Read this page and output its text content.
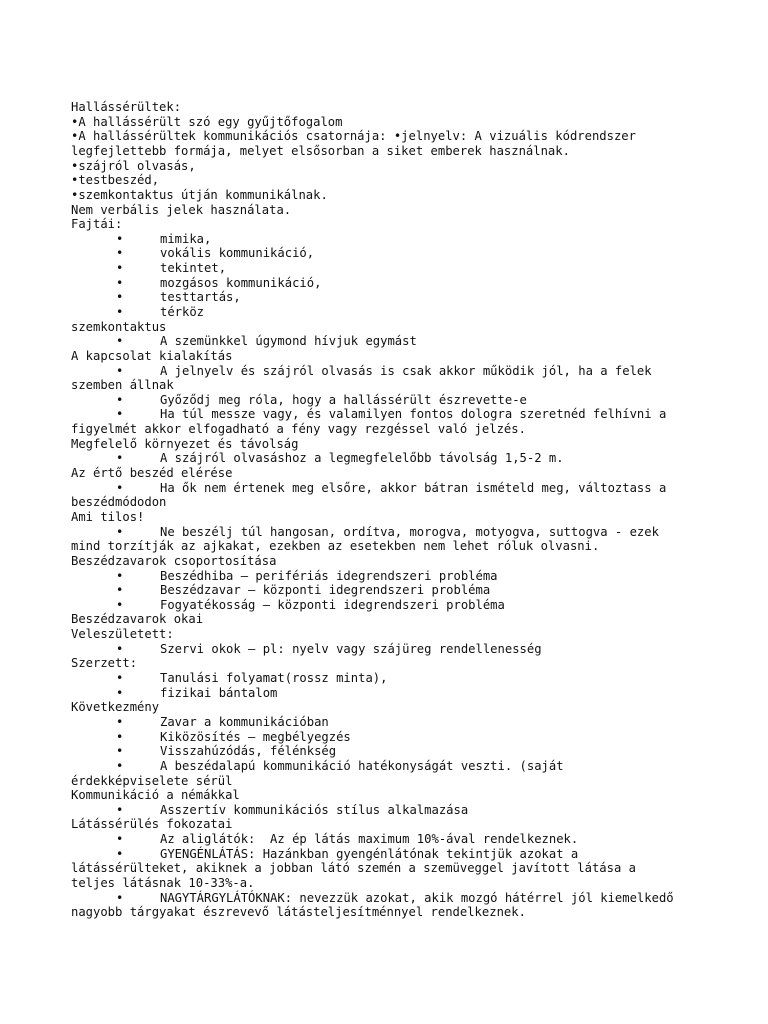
Hallássérültek:
•A hallássérült szó egy gyűjtőfogalom
•A hallássérültek kommunikációs csatornája: •jelnyelv: A vizuális kódrendszer legfejlettebb formája, melyet elsősorban a siket emberek használnak.
•szájról olvasás,
•testbeszéd,
•szemkontaktus útján kommunikálnak.
Nem verbális jelek használata.
Fajtái:
•	mimika,
•	vokális kommunikáció,
•	tekintet,
•	mozgásos kommunikáció,
•	testtartás,
•	térköz
szemkontaktus
•	A szemünkkel úgymond hívjuk egymást
A kapcsolat kialakítás
•	A jelnyelv és szájról olvasás is csak akkor működik jól, ha a felek
szemben állnak
•	Győződj meg róla, hogy a hallássérült észrevette-e
•	Ha túl messze vagy, és valamilyen fontos dologra szeretnéd felhívni a
figyelmét akkor elfogadható a fény vagy rezgéssel való jelzés.
Megfelelő környezet és távolság
•	A szájról olvasáshoz a legmegfelelőbb távolság 1,5-2 m.
Az értő beszéd elérése
•	Ha ők nem értenek meg elsőre, akkor bátran ismételd meg, változtass a
beszédmódodon
Ami tilos!
•	Ne beszélj túl hangosan, ordítva, morogva, motyogva, suttogva - ezek
mind torzítják az ajkakat, ezekben az esetekben nem lehet róluk olvasni.
Beszédzavarok csoportosítása
•	Beszédhiba – perifériás idegrendszeri probléma
•	Beszédzavar – központi idegrendszeri probléma
•	Fogyatékosság – központi idegrendszeri probléma
Beszédzavarok okai
Veleszületett:
•	Szervi okok – pl: nyelv vagy szájüreg rendellenesség
Szerzett:
•	Tanulási folyamat(rossz minta),
•	fizikai bántalom
Következmény
•	Zavar a kommunikációban
•	Kiközösítés – megbélyegzés
•	Visszahúzódás, félénkség
•	A beszédalapú kommunikáció hatékonyságát veszti. (saját
érdekképviselete sérül
Kommunikáció a némákkal
•	Asszertív kommunikációs stílus alkalmazása
Látássérülés fokozatai
•	Az aliglátók:  Az ép látás maximum 10%-ával rendelkeznek.
•	GYENGÉNLÁTÁS: Hazánkban gyengénlátónak tekintjük azokat a
látássérülteket, akiknek a jobban látó szemén a szemüveggel javított látása a
teljes látásnak 10-33%-a.
•	NAGYTÁRGYLÁTÓKNAK: nevezzük azokat, akik mozgó hátérrel jól kiemelkedő
nagyobb tárgyakat észrevevő látásteljesítménnyel rendelkeznek.
